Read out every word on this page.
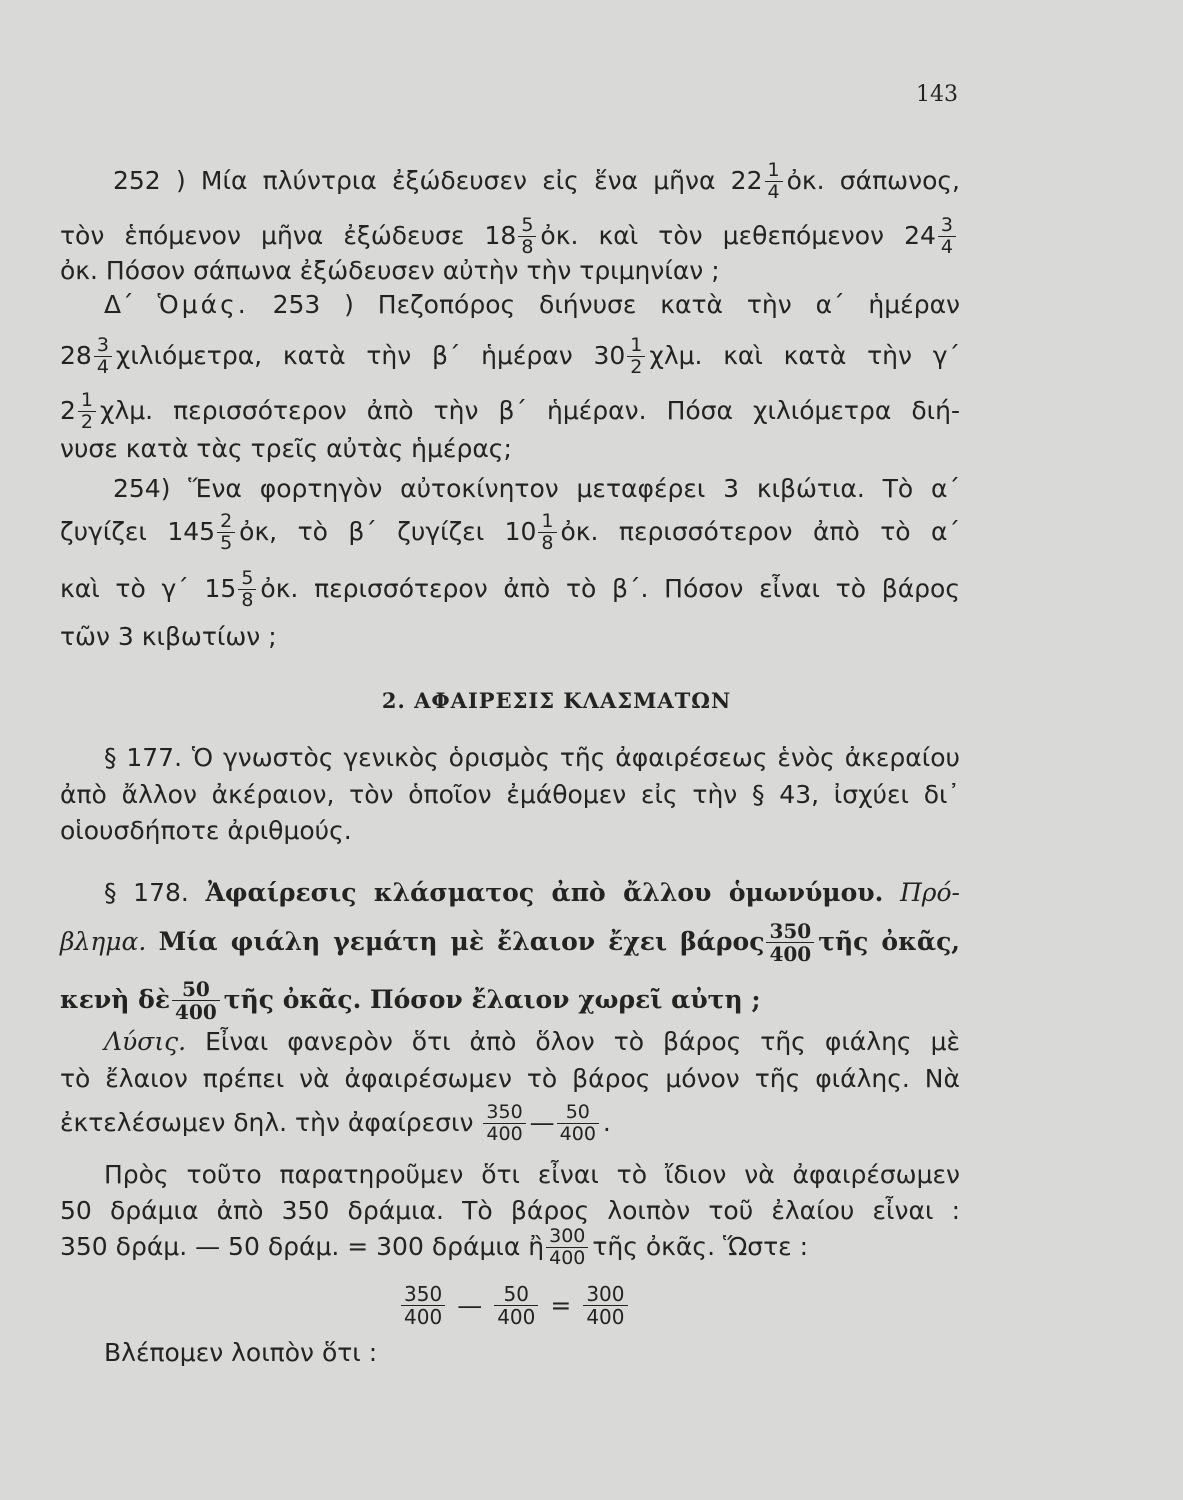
143
252 ) Μία πλύντρια ἐξώδευσεν εἰς ἕνα μῆνα $22 \frac{1}{4}$ ὀκ. σάπωνος,
τὸν ἑπόμενον μῆνα ἐξώδευσε $18 \frac{5}{8}$ ὀκ. καὶ τὸν μεθεπόμενον $24 \frac{3}{4}$
ὀκ. Πόσον σάπωνα ἐξώδευσεν αὐτὴν τὴν τριμηνίαν ;
Δ΄ Ὁμάς. 253 ) Πεζοπόρος διήνυσε κατὰ τὴν α΄ ἡμέραν
$28 \frac{3}{4} \chi\iota\lambda\iota ό\mu\varepsilon\tau\rho\alpha$, κατὰ τὴν β΄ ἡμέραν $30 \frac{1}{2} \chi\lambda\mu$. καὶ κατὰ τὴν γ΄
$2 \frac{1}{2} \chi\lambda\mu$. περισσότερον ἀπὸ τὴν β΄ ἡμέραν. Πόσα χιλιόμετρα διή-
νυσε κατὰ τὰς τρεῖς αὐτὰς ἡμέρας;
254) Ἕνα φορτηγὸν αὐτοκίνητον μεταφέρει 3 κιβώτια. Τὸ α΄
ζυγίζει $145 \frac{2}{5}$ ὀκ, τὸ β΄ ζυγίζει $10 \frac{1}{8}$ ὀκ. περισσότερον ἀπὸ τὸ α΄
καὶ τὸ γ΄ $15 \frac{5}{8}$ ὀκ. περισσότερον ἀπὸ τὸ β΄. Πόσον εἶναι τὸ βάρος
τῶν 3 κιβωτίων ;
2. ΑΦΑΙΡΕΣΙΣ ΚΛΑΣΜΑΤΩΝ
§ 177. Ὁ γνωστὸς γενικὸς ὁρισμὸς τῆς ἀφαιρέσεως ἑνὸς ἀκεραίου
ἀπὸ ἄλλον ἀκέραιον, τὸν ὁποῖον ἐμάθομεν εἰς τὴν § 43, ἰσχύει δι᾽
οἱουσδήποτε ἀριθμούς.
§ 178. Ἀφαίρεσις κλάσματος ἀπὸ ἄλλου ὁμωνύμου. Πρό-
βλημα. Μία φιάλη γεμάτη μὲ ἔλαιον ἔχει βάρος $\frac{350}{400}$ τῆς ὀκᾶς,
κενὴ δὲ $\frac{50}{400}$ τῆς ὀκᾶς. Πόσον ἔλαιον χωρεῖ αὐτη ;
Λύσις. Εἶναι φανερὸν ὅτι ἀπὸ ὅλον τὸ βάρος τῆς φιάλης μὲ
τὸ ἔλαιον πρέπει νὰ ἀφαιρέσωμεν τὸ βάρος μόνον τῆς φιάλης. Νὰ
ἐκτελέσωμεν δηλ. τὴν ἀφαίρεσιν $\frac{350}{400}$ — $\frac{50}{400}$ .
Πρὸς τοῦτο παρατηροῦμεν ὅτι εἶναι τὸ ἴδιον νὰ ἀφαιρέσωμεν
50 δράμια ἀπὸ 350 δράμια. Τὸ βάρος λοιπὸν τοῦ ἐλαίου εἶναι :
350 δράμ. — 50 δράμ. = 300 δράμια ἢ $\frac{300}{400}$ τῆς ὀκᾶς. Ὥστε :
$\frac{350}{400}$ — $\frac{50}{400} = \frac{300}{400}$
Βλέπομεν λοιπὸν ὅτι :
